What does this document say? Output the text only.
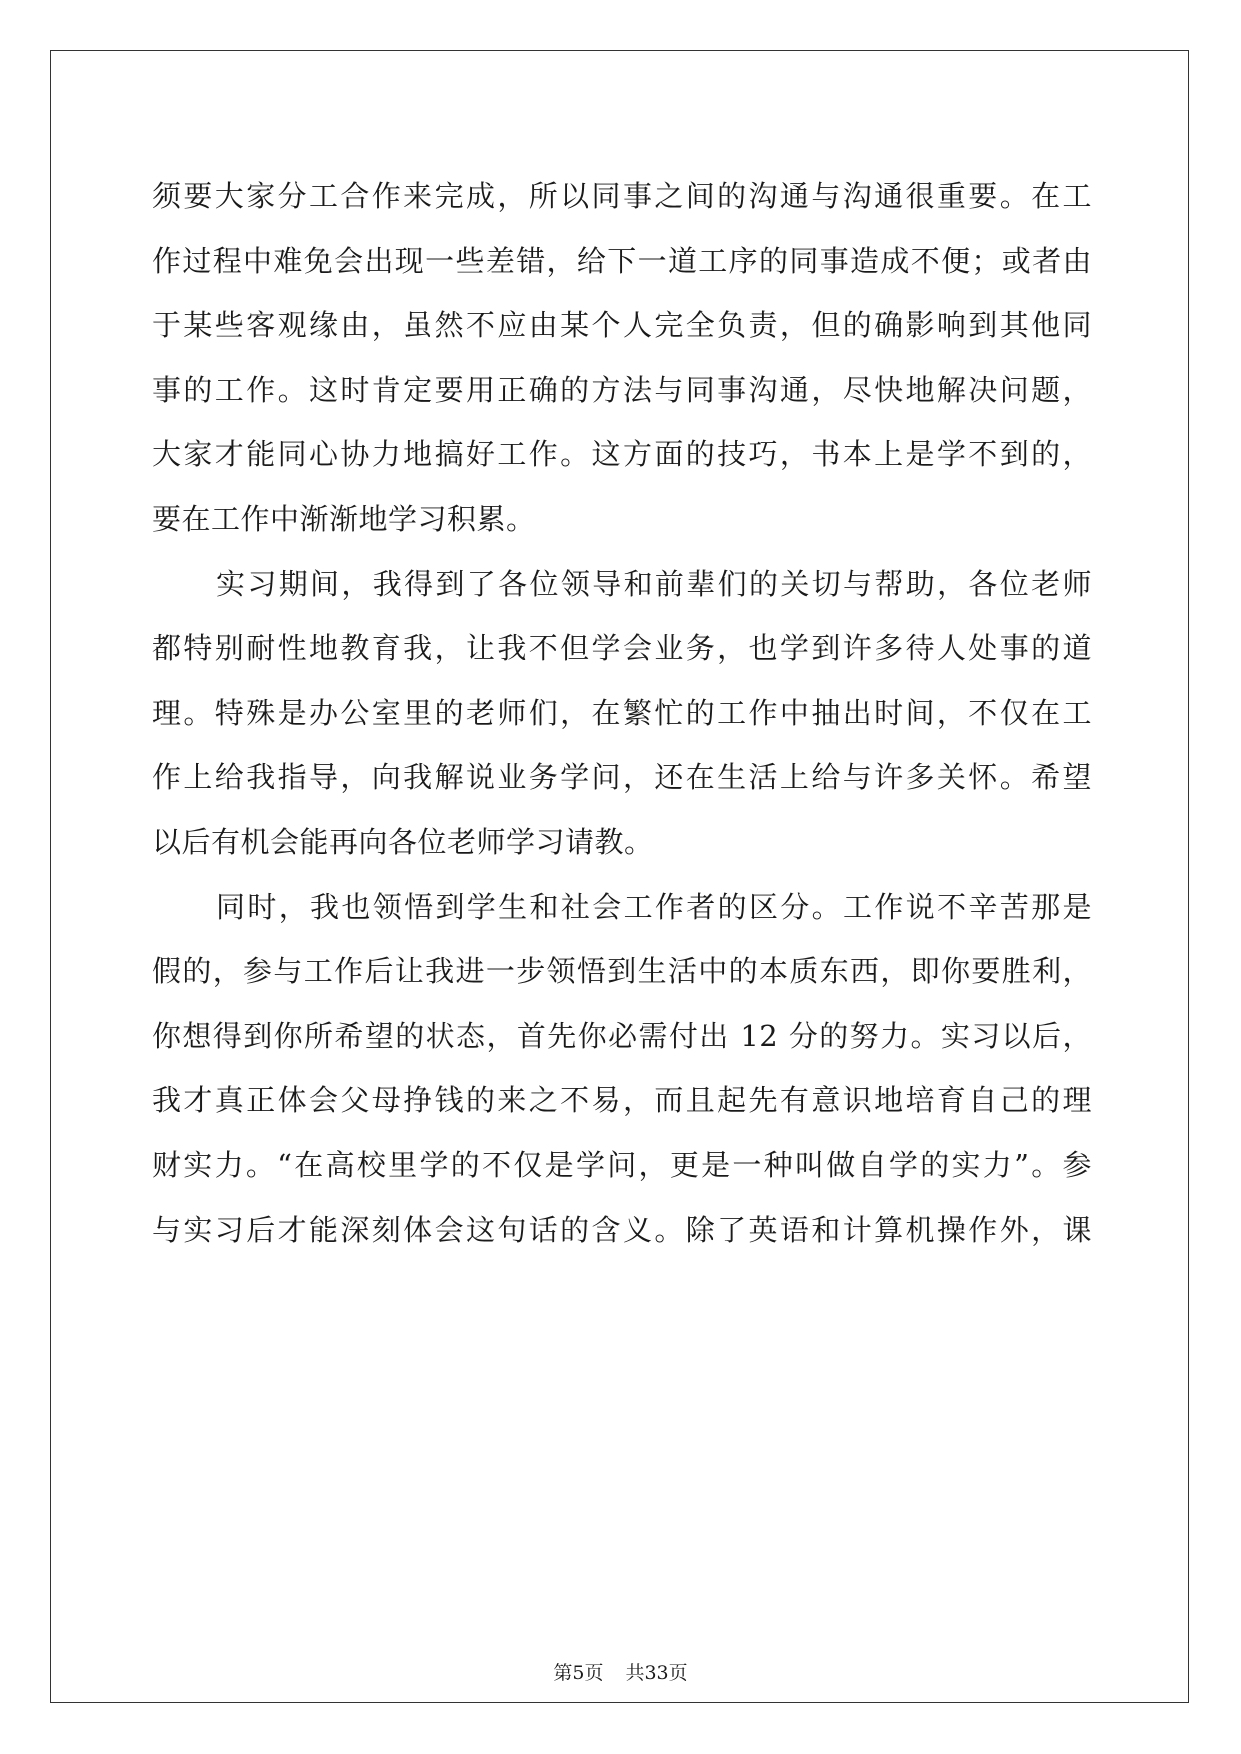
须要大家分工合作来完成，所以同事之间的沟通与沟通很重要。在工
作过程中难免会出现一些差错，给下一道工序的同事造成不便；或者由
于某些客观缘由，虽然不应由某个人完全负责，但的确影响到其他同
事的工作。这时肯定要用正确的方法与同事沟通，尽快地解决问题，
大家才能同心协力地搞好工作。这方面的技巧，书本上是学不到的，
要在工作中渐渐地学习积累。
实习期间，我得到了各位领导和前辈们的关切与帮助，各位老师
都特别耐性地教育我，让我不但学会业务，也学到许多待人处事的道
理。特殊是办公室里的老师们，在繁忙的工作中抽出时间，不仅在工
作上给我指导，向我解说业务学问，还在生活上给与许多关怀。希望
以后有机会能再向各位老师学习请教。
同时，我也领悟到学生和社会工作者的区分。工作说不辛苦那是
假的，参与工作后让我进一步领悟到生活中的本质东西，即你要胜利，
你想得到你所希望的状态，首先你必需付出 12 分的努力。实习以后，
我才真正体会父母挣钱的来之不易，而且起先有意识地培育自己的理
财实力。“在高校里学的不仅是学问，更是一种叫做自学的实力”。参
与实习后才能深刻体会这句话的含义。除了英语和计算机操作外，课
第5页 共33页
